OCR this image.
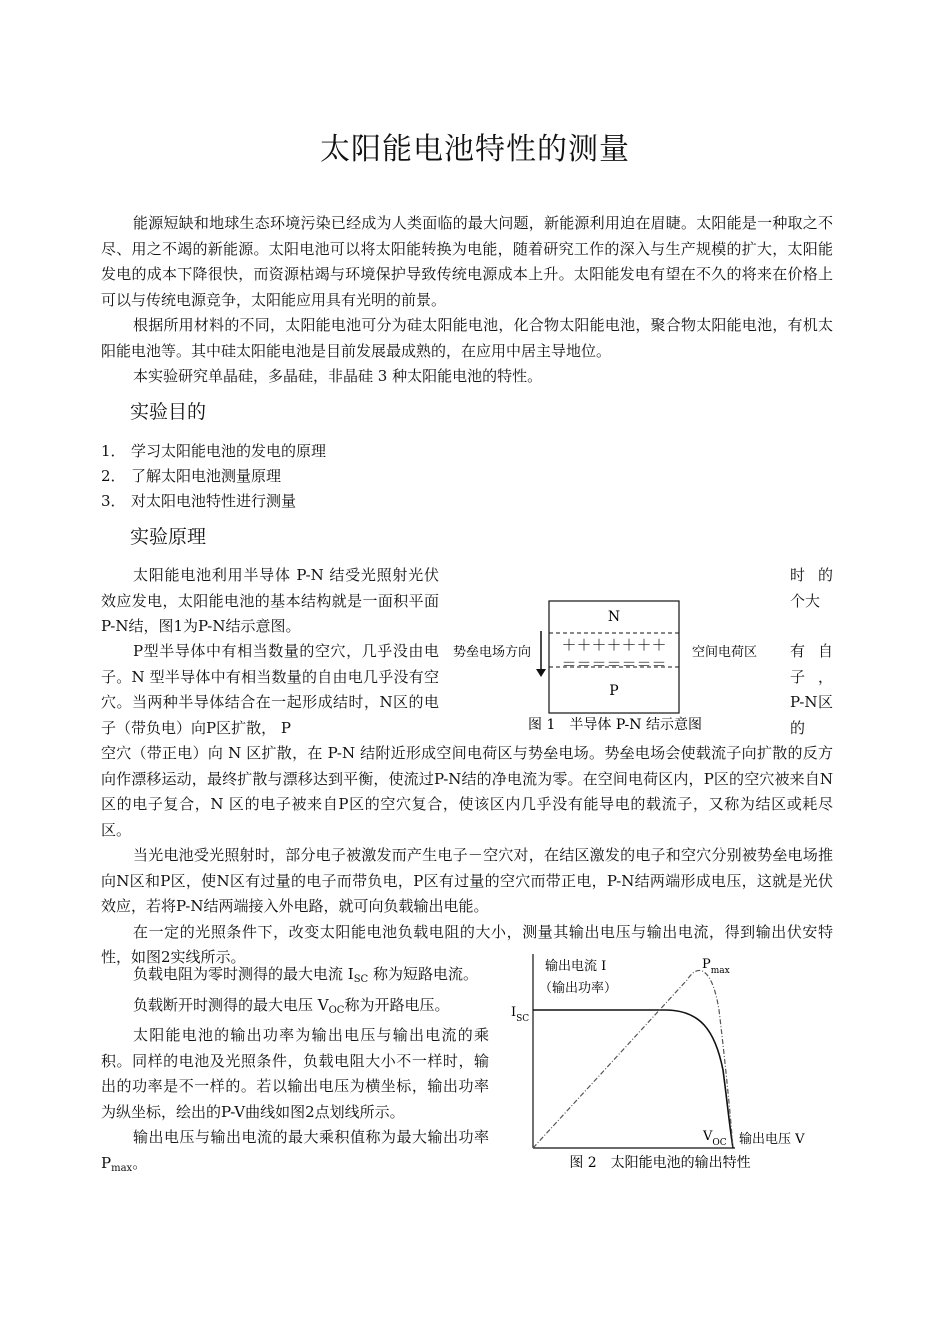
太阳能电池特性的测量

能源短缺和地球生态环境污染已经成为人类面临的最大问题，新能源利用迫在眉睫。太阳能是一种取之不尽、用之不竭的新能源。太阳电池可以将太阳能转换为电能，随着研究工作的深入与生产规模的扩大，太阳能发电的成本下降很快，而资源枯竭与环境保护导致传统电源成本上升。太阳能发电有望在不久的将来在价格上可以与传统电源竞争，太阳能应用具有光明的前景。

根据所用材料的不同，太阳能电池可分为硅太阳能电池，化合物太阳能电池，聚合物太阳能电池，有机太阳能电池等。其中硅太阳能电池是目前发展最成熟的，在应用中居主导地位。

本实验研究单晶硅，多晶硅，非晶硅 3 种太阳能电池的特性。

实验目的
1． 学习太阳能电池的发电的原理
2． 了解太阳电池测量原理
3． 对太阳电池特性进行测量
实验原理
太阳能电池利用半导体 P-N 结受光照射光伏效应发电，太阳能电池的基本结构就是一面积平面P-N结，图1为P-N结示意图。
P型半导体中有相当数量的空穴，几乎没由电子。N 型半导体中有相当数量的自由电几乎没有空穴。当两种半导体结合在一起形成结时，N区的电子（带负电）向P区扩散， P
时的个大
有自子，P-N区的
N
＋＋＋＋＋＋＋
＝＝＝＝＝＝＝
P
势垒电场方向	空间电荷区
图 1　半导体 P-N 结示意图

空穴（带正电）向 N 区扩散，在 P-N 结附近形成空间电荷区与势垒电场。势垒电场会使载流子向扩散的反方向作漂移运动，最终扩散与漂移达到平衡，使流过P-N结的净电流为零。在空间电荷区内，P区的空穴被来自N区的电子复合，N 区的电子被来自P区的空穴复合，使该区内几乎没有能导电的载流子，又称为结区或耗尽区。

当光电池受光照射时，部分电子被激发而产生电子－空穴对，在结区激发的电子和空穴分别被势垒电场推向N区和P区，使N区有过量的电子而带负电，P区有过量的空穴而带正电，P-N结两端形成电压，这就是光伏效应，若将P-N结两端接入外电路，就可向负载输出电能。

在一定的光照条件下，改变太阳能电池负载电阻的大小，测量其输出电压与输出电流，得到输出伏安特性，如图2实线所示。

负载电阻为零时测得的最大电流 $I_{SC}$ 称为短路电流。

负载断开时测得的最大电压 $V_{OC}$称为开路电压。

太阳能电池的输出功率为输出电压与输出电流的乘积。同样的电池及光照条件，负载电阻大小不一样时，输出的功率是不一样的。若以输出电压为横坐标，输出功率为纵坐标，绘出的P-V曲线如图2点划线所示。

输出电压与输出电流的最大乘积值称为最大输出功率 $P_{max}$。

输出电流 I
（输出功率）
$I_{SC}$
$P_{max}$
$V_{OC}$ 输出电压 V
图 2　太阳能电池的输出特性
